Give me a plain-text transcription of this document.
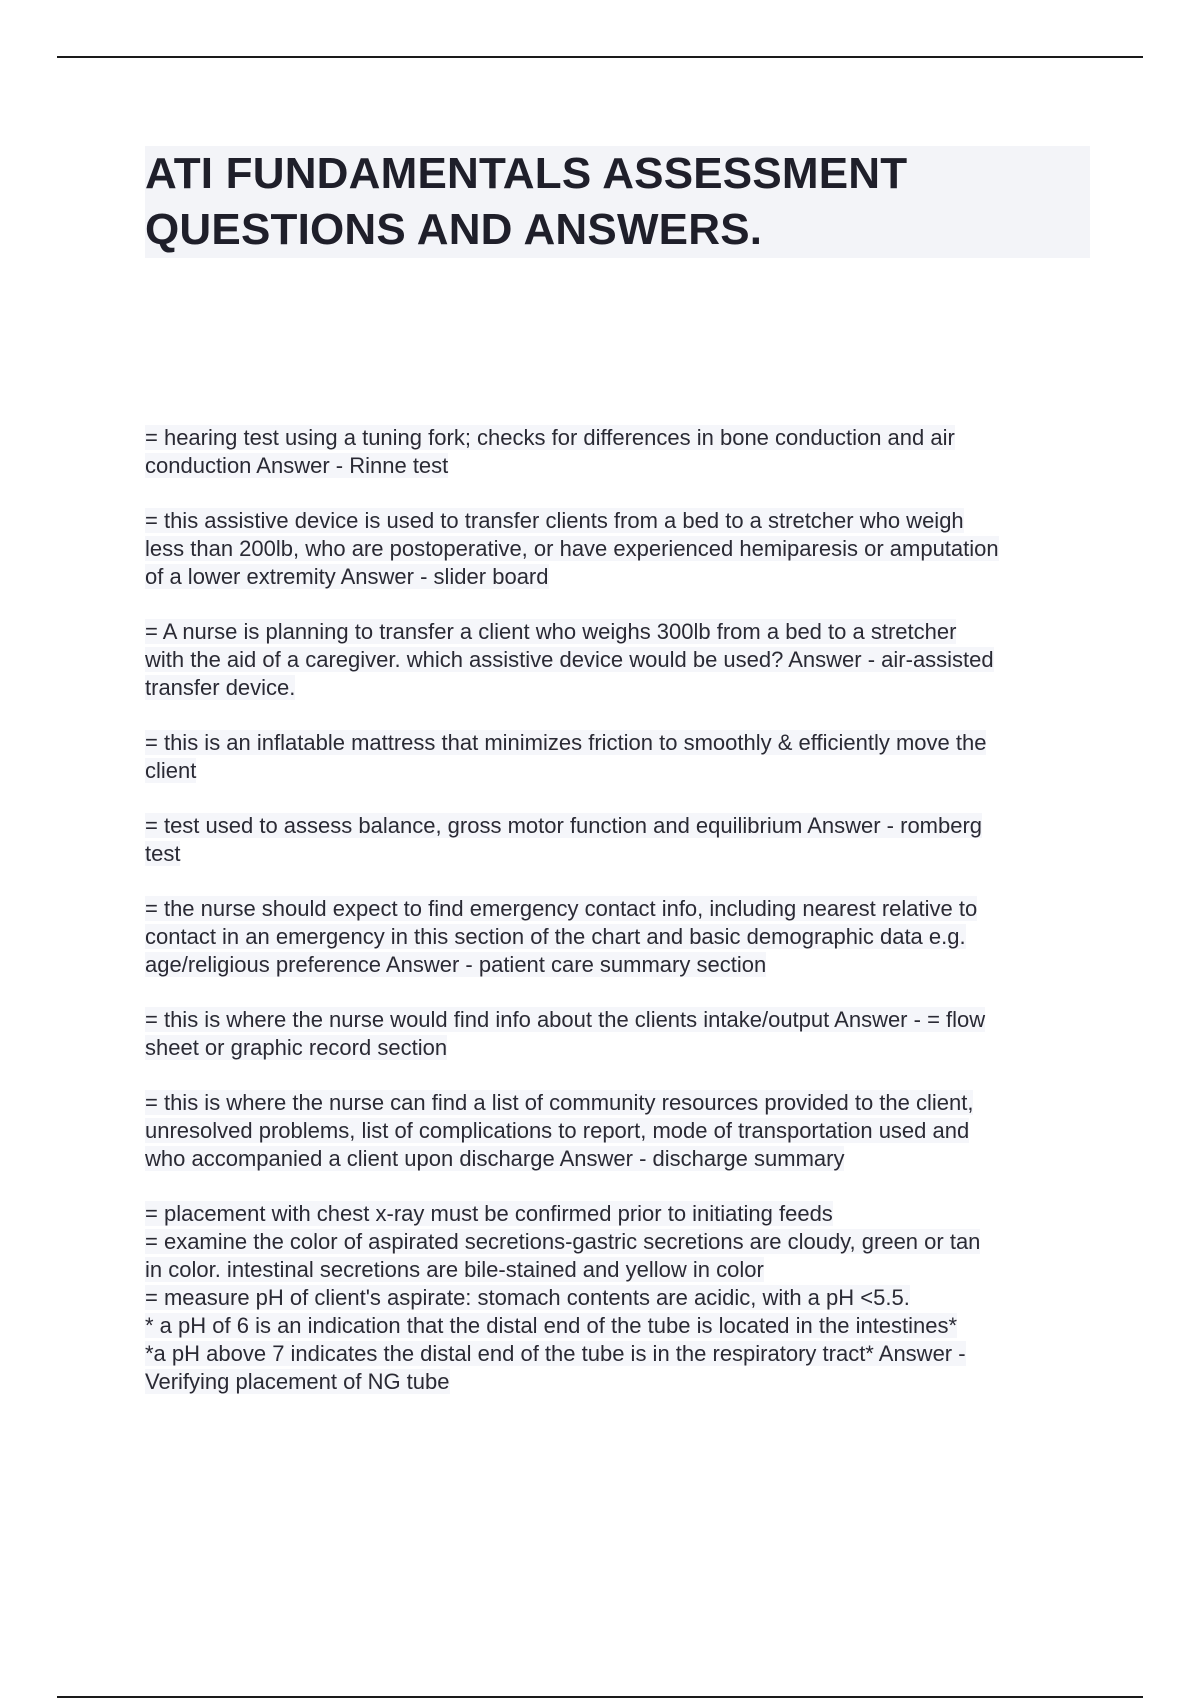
ATI FUNDAMENTALS ASSESSMENT
QUESTIONS AND ANSWERS.
= hearing test using a tuning fork; checks for differences in bone conduction and air
conduction Answer - Rinne test
= this assistive device is used to transfer clients from a bed to a stretcher who weigh
less than 200lb, who are postoperative, or have experienced hemiparesis or amputation
of a lower extremity Answer - slider board
= A nurse is planning to transfer a client who weighs 300lb from a bed to a stretcher
with the aid of a caregiver. which assistive device would be used? Answer - air-assisted
transfer device.
= this is an inflatable mattress that minimizes friction to smoothly & efficiently move the
client
= test used to assess balance, gross motor function and equilibrium Answer - romberg
test
= the nurse should expect to find emergency contact info, including nearest relative to
contact in an emergency in this section of the chart and basic demographic data e.g.
age/religious preference Answer - patient care summary section
= this is where the nurse would find info about the clients intake/output Answer - = flow
sheet or graphic record section
= this is where the nurse can find a list of community resources provided to the client,
unresolved problems, list of complications to report, mode of transportation used and
who accompanied a client upon discharge Answer - discharge summary
= placement with chest x-ray must be confirmed prior to initiating feeds
= examine the color of aspirated secretions-gastric secretions are cloudy, green or tan
in color. intestinal secretions are bile-stained and yellow in color
= measure pH of client's aspirate: stomach contents are acidic, with a pH <5.5.
* a pH of 6 is an indication that the distal end of the tube is located in the intestines*
*a pH above 7 indicates the distal end of the tube is in the respiratory tract* Answer -
Verifying placement of NG tube
